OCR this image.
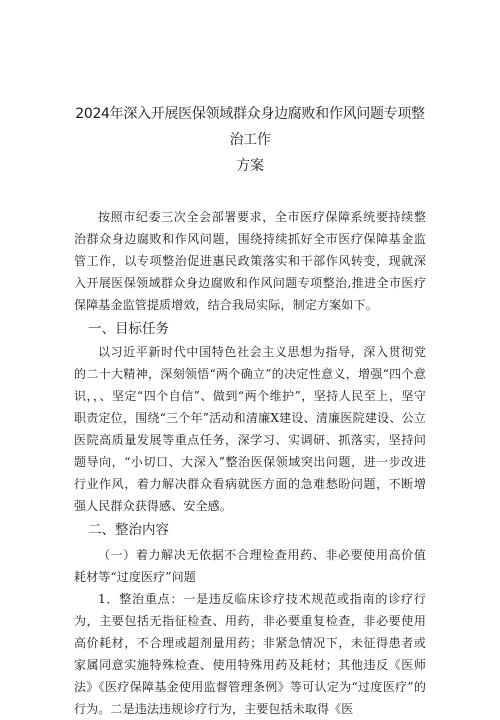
2024年深入开展医保领域群众身边腐败和作风问题专项整治工作
方案

按照市纪委三次全会部署要求，全市医疗保障系统要持续整治群众身边腐败和作风问题，围绕持续抓好全市医疗保障基金监管工作，以专项整治促进惠民政策落实和干部作风转变，现就深入开展医保领域群众身边腐败和作风问题专项整治,推进全市医疗保障基金监管提质增效，结合我局实际，制定方案如下。

一、目标任务

以习近平新时代中国特色社会主义思想为指导，深入贯彻党的二十大精神，深刻领悟“两个确立”的决定性意义，增强“四个意识，，、坚定“四个自信”、做到“两个维护”，坚持人民至上，坚守职责定位，围绕“三个年”活动和清廉X建设、清廉医院建设、公立医院高质量发展等重点任务，深学习、实调研、抓落实，坚持问题导向，“小切口、大深入”整治医保领域突出问题，进一步改进行业作风，着力解决群众看病就医方面的急难愁盼问题，不断增强人民群众获得感、安全感。

二、整治内容

（一）着力解决无依据不合理检查用药、非必要使用高价值耗材等“过度医疗”问题

1．整治重点：一是违反临床诊疗技术规范或指南的诊疗行为，主要包括无指征检查、用药，非必要重复检查，非必要使用高价耗材，不合理或超剂量用药；非紧急情况下，未征得患者或家属同意实施特殊检查、使用特殊用药及耗材；其他违反《医师法》《医疗保障基金使用监督管理条例》等可认定为“过度医疗”的行为。二是违法违规诊疗行为，主要包括未取得《医
